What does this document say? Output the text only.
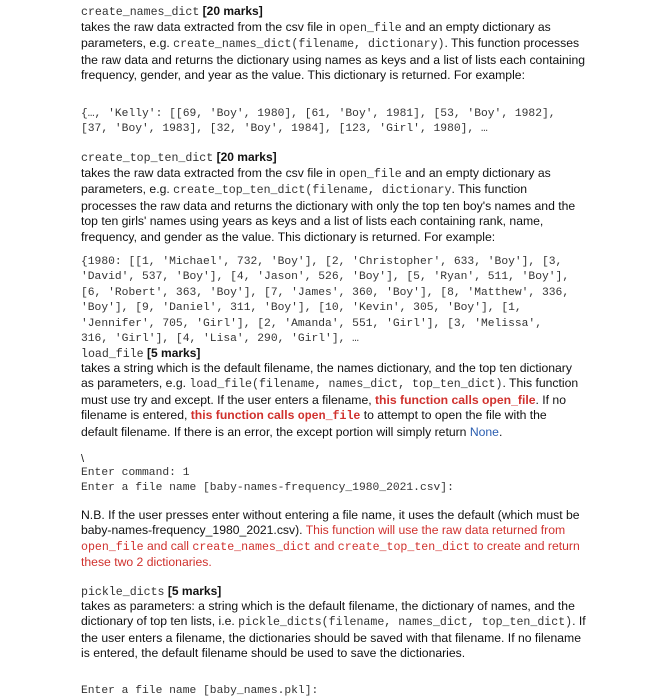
create_names_dict [20 marks]
takes the raw data extracted from the csv file in open_file and an empty dictionary as parameters, e.g. create_names_dict(filename, dictionary). This function processes the raw data and returns the dictionary using names as keys and a list of lists each containing frequency, gender, and year as the value. This dictionary is returned. For example:
{…, 'Kelly': [[69, 'Boy', 1980], [61, 'Boy', 1981], [53, 'Boy', 1982],
[37, 'Boy', 1983], [32, 'Boy', 1984], [123, 'Girl', 1980], …
create_top_ten_dict [20 marks]
takes the raw data extracted from the csv file in open_file and an empty dictionary as parameters, e.g. create_top_ten_dict(filename, dictionary. This function processes the raw data and returns the dictionary with only the top ten boy's names and the top ten girls' names using years as keys and a list of lists each containing rank, name, frequency, and gender as the value. This dictionary is returned. For example:
{1980: [[1, 'Michael', 732, 'Boy'], [2, 'Christopher', 633, 'Boy'], [3,
'David', 537, 'Boy'], [4, 'Jason', 526, 'Boy'], [5, 'Ryan', 511, 'Boy'],
[6, 'Robert', 363, 'Boy'], [7, 'James', 360, 'Boy'], [8, 'Matthew', 336,
'Boy'], [9, 'Daniel', 311, 'Boy'], [10, 'Kevin', 305, 'Boy'], [1,
'Jennifer', 705, 'Girl'], [2, 'Amanda', 551, 'Girl'], [3, 'Melissa',
316, 'Girl'], [4, 'Lisa', 290, 'Girl'], …
load_file [5 marks]
takes a string which is the default filename, the names dictionary, and the top ten dictionary as parameters, e.g. load_file(filename, names_dict, top_ten_dict). This function must use try and except. If the user enters a filename, this function calls open_file. If no filename is entered, this function calls open_file to attempt to open the file with the default filename. If there is an error, the except portion will simply return None.
\
Enter command: 1
Enter a file name [baby-names-frequency_1980_2021.csv]:
N.B. If the user presses enter without entering a file name, it uses the default (which must be baby-names-frequency_1980_2021.csv). This function will use the raw data returned from open_file and call create_names_dict and create_top_ten_dict to create and return these two 2 dictionaries.
pickle_dicts [5 marks]
takes as parameters: a string which is the default filename, the dictionary of names, and the dictionary of top ten lists, i.e. pickle_dicts(filename, names_dict, top_ten_dict). If the user enters a filename, the dictionaries should be saved with that filename. If no filename is entered, the default filename should be used to save the dictionaries.
Enter a file name [baby_names.pkl]:
